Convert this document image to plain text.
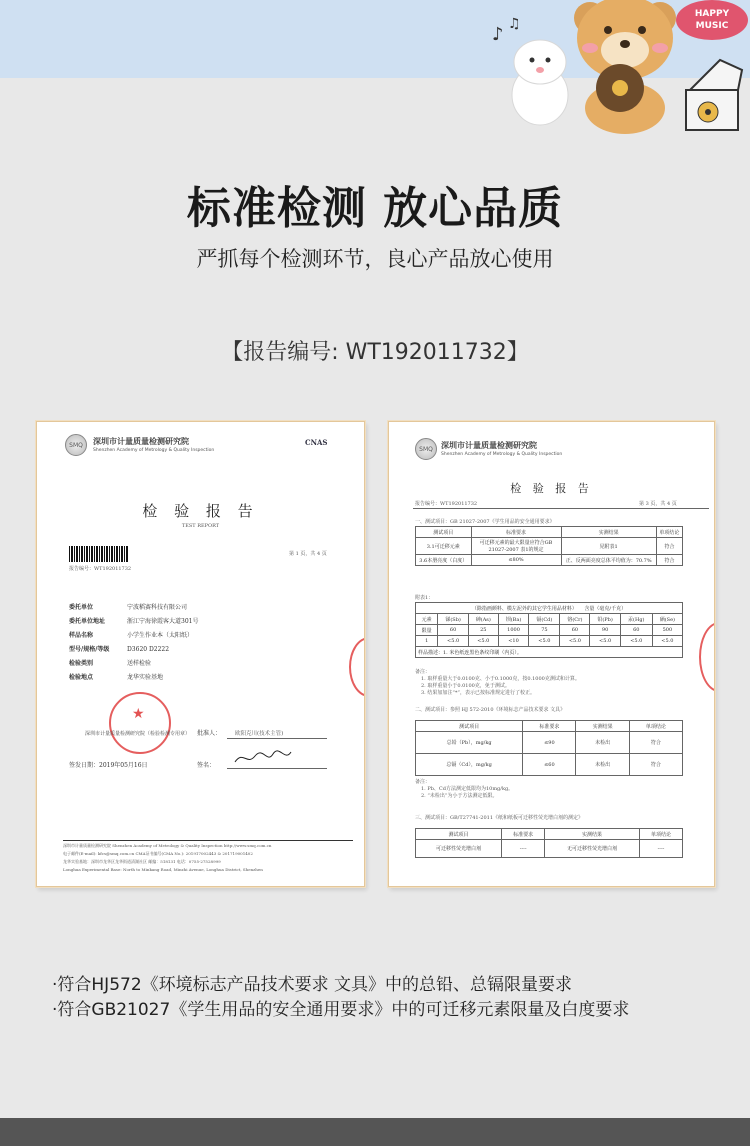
♪ ♫
HAPPY
MUSIC
标准检测 放心品质
严抓每个检测环节，良心产品放心使用
【报告编号: WT192011732】
SMQ	深圳市计量质量检测研究院
Shenzhen Academy of Metrology & Quality Inspection
CNAS
检 验 报 告
TEST REPORT
报告编号：WT192011732
第 1 页，共 4 页
委托单位	宁波稻赛科技有限公司
委托单位地址	浙江宁海徐霞客大道301号
样品名称	小学生作业本（太阳纸）
型号/规格/等级	D3620 D2222
检验类别	送样检验
检验地点	龙华实验基地
★
深圳市计量质量检测研究院（检验检测专用章） 批准人：	欧阳克川(技术主管)
签发日期：2019年05月16日	签名：
深圳市计量质量检测研究院 Shenzhen Academy of Metrology & Quality Inspection http://www.smq.com.cn
电子邮件(E-mail): kfcs@smq.com.cn CMA证书编号(CMA No.): 201917002443 & 201719001402
龙华实验基地：深圳市龙华区龙华街道清湖社区 邮编：518131 电话：0755-27528999
Longhua Experimental Base: North to Minkang Road, Minzhi Avenue, Longhua District, Shenzhen
SMQ	深圳市计量质量检测研究院
Shenzhen Academy of Metrology & Quality Inspection
检 验 报 告
报告编号：WT192011732	第 3 页，共 4 页
一、测试项目：GB 21027-2007《学生用品的安全通用要求》
测试项目	标准要求	实测结果	单项结论
3.1可迁移元素	可迁移元素的最大限量应符合GB 21027-2007 表1的规定	见附表1	符合
3.6本册亮度（白度）	≤80%	正、反两面亮度总体平均值为：70.7%	符合
附表1：
（除指画颜料、模左泥外的其它学生用品材料）　　含量（毫克/千克）								
元素	锑(Sb)	砷(As)	钡(Ba)	镉(Cd)	铬(Cr)	铅(Pb)	汞(Hg)	硒(Se)
限量	60	25	1000	75	60	90	60	500
1	<5.0	<5.0	<10	<5.0	<5.0	<5.0	<5.0	<5.0
样品描述：1. 米色纸连黑色条纹印刷（内页）。								
备注：
1. 取样重量大于0.0100克、小于0.1000克，按0.1000克测试和计算。
2. 取样重量小于0.0100克，免于测试。
3. 结果加加注“*”，表示已按标准规定进行了校正。
二、测试项目：参照 HJ 572-2010《环境标志产品技术要求 文具》
测试项目	标准要求	实测结果	单项结论
总铅（Pb），mg/kg	≤90	未检出	符合
总镉（Cd），mg/kg	≤60	未检出	符合
备注：
1. Pb、Cd方法测定低限均为10mg/kg。
2. “未检出”为小于方法测定低限。
三、测试项目：GB/T27741-2011《纸和纸板可迁移性荧光增白剂的测定》
测试项目	标准要求	实测结果	单项结论
可迁移性荧光增白剂	----	无可迁移性荧光增白剂	----
·符合HJ572《环境标志产品技术要求 文具》中的总铅、总镉限量要求
·符合GB21027《学生用品的安全通用要求》中的可迁移元素限量及白度要求
